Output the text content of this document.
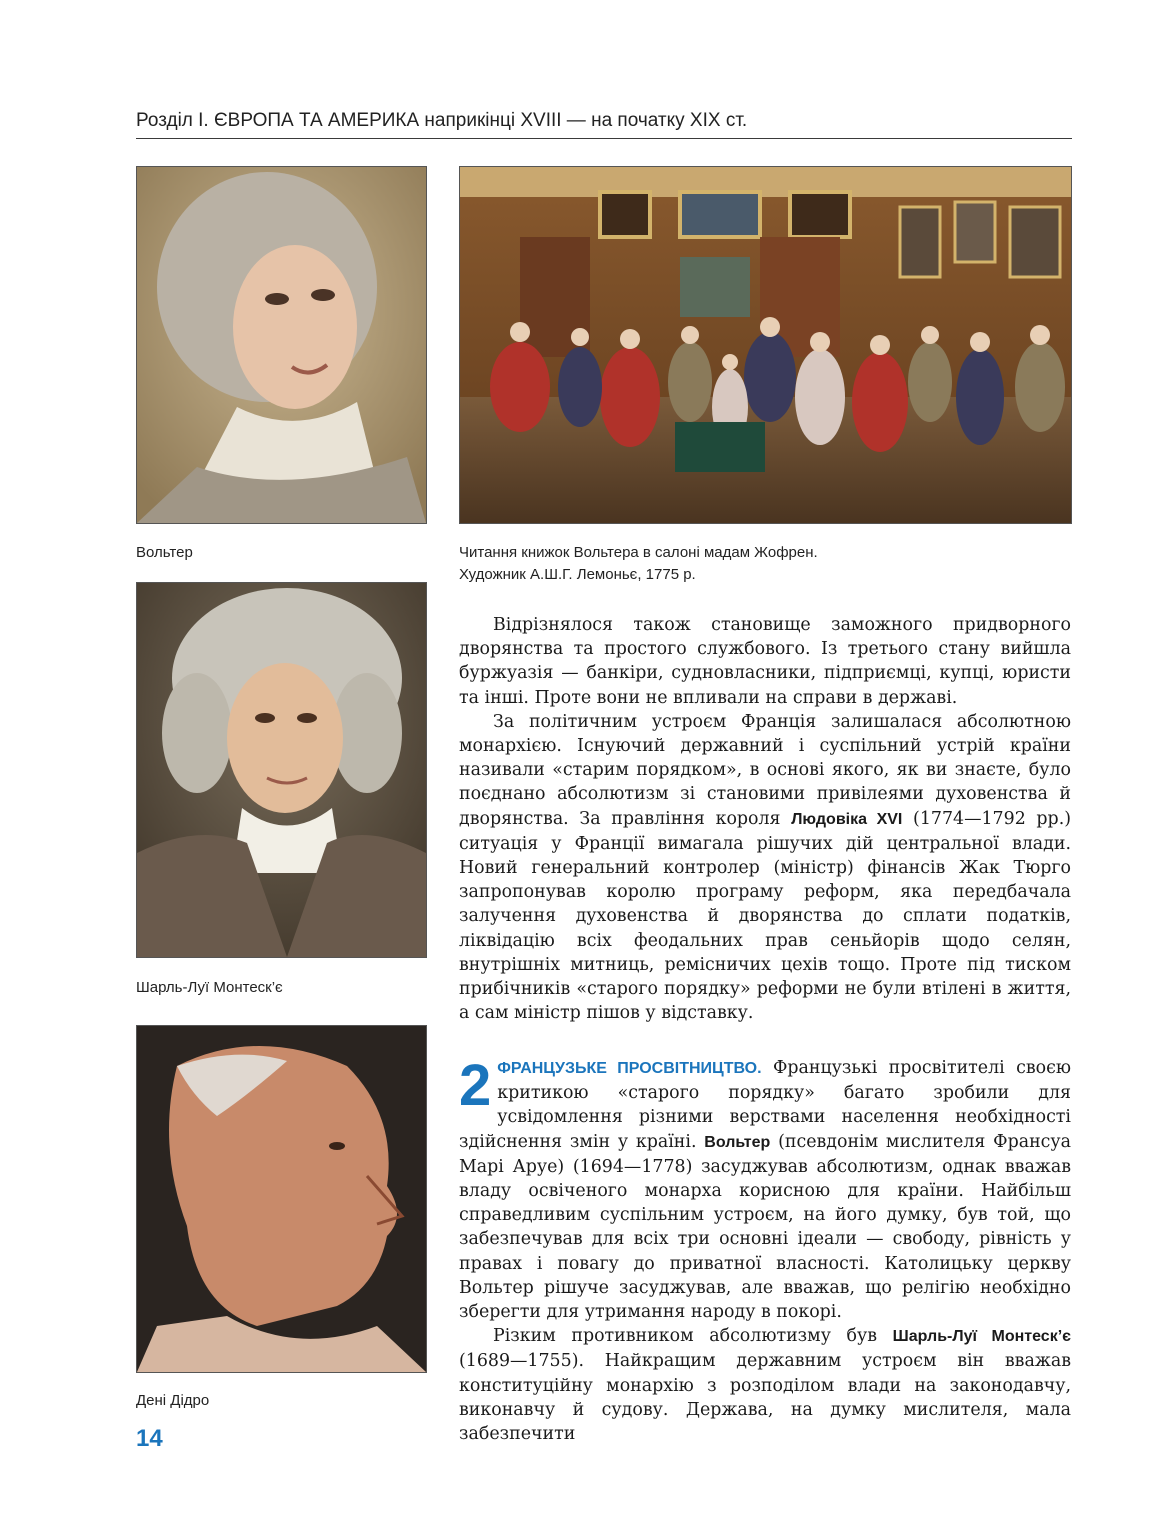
Розділ І. ЄВРОПА ТА АМЕРИКА наприкінці XVIII — на початку XIX ст.
Вольтер	Читання книжок Вольтера в салоні мадам Жофрен.
Художник А.Ш.Г. Лемоньє, 1775 р.
Шарль-Луї Монтеск’є
Дені Дідро

Відрізнялося також становище заможного придворного дворянства та простого службового. Із третього стану вийшла буржуазія — банкіри, судновласники, підприємці, купці, юристи та інші. Проте вони не впливали на справи в державі.

За політичним устроєм Франція залишалася абсолютною монархією. Існуючий державний і суспільний устрій країни називали «старим порядком», в основі якого, як ви знаєте, було поєднано абсолютизм зі становими привілеями духовенства й дворянства. За правління короля Людовіка XVI (1774—1792 рр.) ситуація у Франції вимагала рішучих дій центральної влади. Новий генеральний контролер (міністр) фінансів Жак Тюрго запропонував королю програму реформ, яка передбачала залучення духовенства й дворянства до сплати податків, ліквідацію всіх феодальних прав сеньйорів щодо селян, внутрішніх митниць, ремісничих цехів тощо. Проте під тиском прибічників «старого порядку» реформи не були втілені в життя, а сам міністр пішов у відставку.

2 ФРАНЦУЗЬКЕ ПРОСВІТНИЦТВО. Французькі просвітителі своєю критикою «старого порядку» багато зробили для усвідомлення різними верствами населення необхідності здійснення змін у країні. Вольтер (псевдонім мислителя Франсуа Марі Аруе) (1694—1778) засуджував абсолютизм, однак вважав владу освіченого монарха корисною для країни. Найбільш справедливим суспільним устроєм, на його думку, був той, що забезпечував для всіх три основні ідеали — свободу, рівність у правах і повагу до приватної власності. Католицьку церкву Вольтер рішуче засуджував, але вважав, що релігію необхідно зберегти для утримання народу в покорі.

Різким противником абсолютизму був Шарль-Луї Монтеск’є (1689—1755). Найкращим державним устроєм він вважав конституційну монархію з розподілом влади на законодавчу, виконавчу й судову. Держава, на думку мислителя, мала забезпечити

14
